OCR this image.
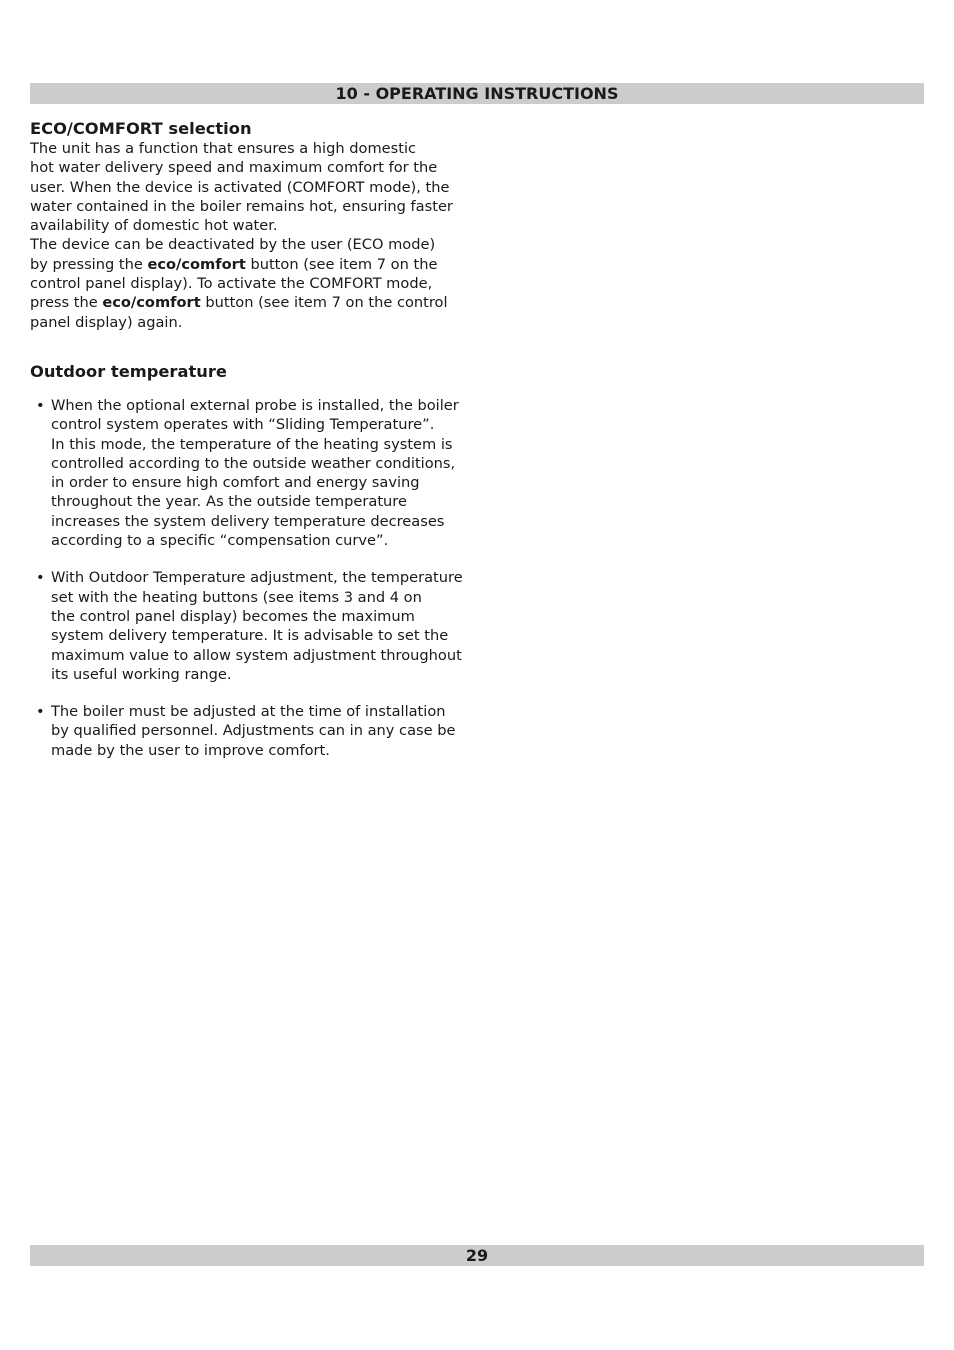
10 - OPERATING INSTRUCTIONS
ECO/COMFORT selection

The unit has a function that ensures a high domestic
hot water delivery speed and maximum comfort for the
user. When the device is activated (COMFORT mode), the
water contained in the boiler remains hot, ensuring faster
availability of domestic hot water.

The device can be deactivated by the user (ECO mode)
by pressing the eco/comfort button (see item 7 on the
control panel display). To activate the COMFORT mode,
press the eco/comfort button (see item 7 on the control
panel display) again.

Outdoor temperature
• When the optional external probe is installed, the boiler
control system operates with “Sliding Temperature”.
In this mode, the temperature of the heating system is
controlled according to the outside weather conditions,
in order to ensure high comfort and energy saving
throughout the year. As the outside temperature
increases the system delivery temperature decreases
according to a specific “compensation curve”.
• With Outdoor Temperature adjustment, the temperature
set with the heating buttons (see items 3 and 4 on
the control panel display) becomes the maximum
system delivery temperature. It is advisable to set the
maximum value to allow system adjustment throughout
its useful working range.
• The boiler must be adjusted at the time of installation
by qualified personnel. Adjustments can in any case be
made by the user to improve comfort.
29
